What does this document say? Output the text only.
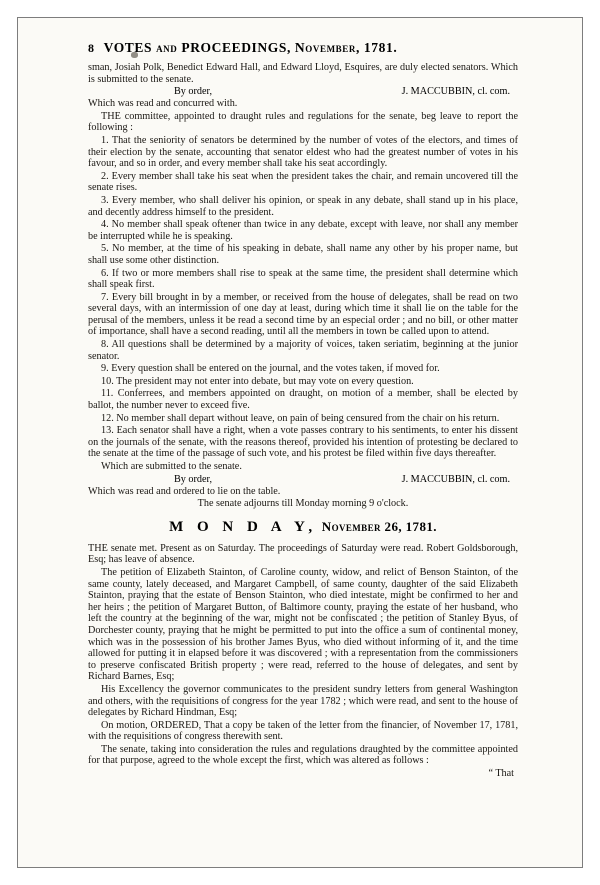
8 VOTES and PROCEEDINGS, November, 1781.

sman, Josiah Polk, Benedict Edward Hall, and Edward Lloyd, Esquires, are duly elected senators. Which is submitted to the senate.

By order,	J. MACCUBBIN, cl. com.

Which was read and concurred with.

THE committee, appointed to draught rules and regulations for the senate, beg leave to report the following :

1. That the seniority of senators be determined by the number of votes of the electors, and times of their election by the senate, accounting that senator eldest who had the greatest number of votes in his favour, and so in order, and every member shall take his seat accordingly.

2. Every member shall take his seat when the president takes the chair, and remain uncovered till the senate rises.

3. Every member, who shall deliver his opinion, or speak in any debate, shall stand up in his place, and decently address himself to the president.

4. No member shall speak oftener than twice in any debate, except with leave, nor shall any member be interrupted while he is speaking.

5. No member, at the time of his speaking in debate, shall name any other by his proper name, but shall use some other distinction.

6. If two or more members shall rise to speak at the same time, the president shall determine which shall speak first.

7. Every bill brought in by a member, or received from the house of delegates, shall be read on two several days, with an intermission of one day at least, during which time it shall lie on the table for the perusal of the members, unless it be read a second time by an especial order ; and no bill, or other matter of importance, shall have a second reading, until all the members in town be called upon to attend.

8. All questions shall be determined by a majority of voices, taken seriatim, beginning at the junior senator.

9. Every question shall be entered on the journal, and the votes taken, if moved for.

10. The president may not enter into debate, but may vote on every question.

11. Conferrees, and members appointed on draught, on motion of a member, shall be elected by ballot, the number never to exceed five.

12. No member shall depart without leave, on pain of being censured from the chair on his return.

13. Each senator shall have a right, when a vote passes contrary to his sentiments, to enter his dissent on the journals of the senate, with the reasons thereof, provided his intention of protesting be declared to the senate at the time of the passage of such vote, and his protest be filed within five days thereafter.

Which are submitted to the senate.

By order,	J. MACCUBBIN, cl. com.

Which was read and ordered to lie on the table.

The senate adjourns till Monday morning 9 o'clock.

M O N D A Y, November 26, 1781.

THE senate met. Present as on Saturday. The proceedings of Saturday were read. Robert Goldsborough, Esq; has leave of absence.

The petition of Elizabeth Stainton, of Caroline county, widow, and relict of Benson Stainton, of the same county, lately deceased, and Margaret Campbell, of same county, daughter of the said Elizabeth Stainton, praying that the estate of Benson Stainton, who died intestate, might be confirmed to her and her heirs ; the petition of Margaret Button, of Baltimore county, praying the estate of her husband, who left the country at the beginning of the war, might not be confiscated ; the petition of Stanley Byus, of Dorchester county, praying that he might be permitted to put into the office a sum of continental money, which was in the possession of his brother James Byus, who died without informing of it, and the time allowed for putting it in elapsed before it was discovered ; with a representation from the commissioners to preserve confiscated British property ; were read, referred to the house of delegates, and sent by Richard Barnes, Esq;

His Excellency the governor communicates to the president sundry letters from general Washington and others, with the requisitions of congress for the year 1782 ; which were read, and sent to the house of delegates by Richard Hindman, Esq;

On motion, ORDERED, That a copy be taken of the letter from the financier, of November 17, 1781, with the requisitions of congress therewith sent.

The senate, taking into consideration the rules and regulations draughted by the committee appointed for that purpose, agreed to the whole except the first, which was altered as follows :

“ That
